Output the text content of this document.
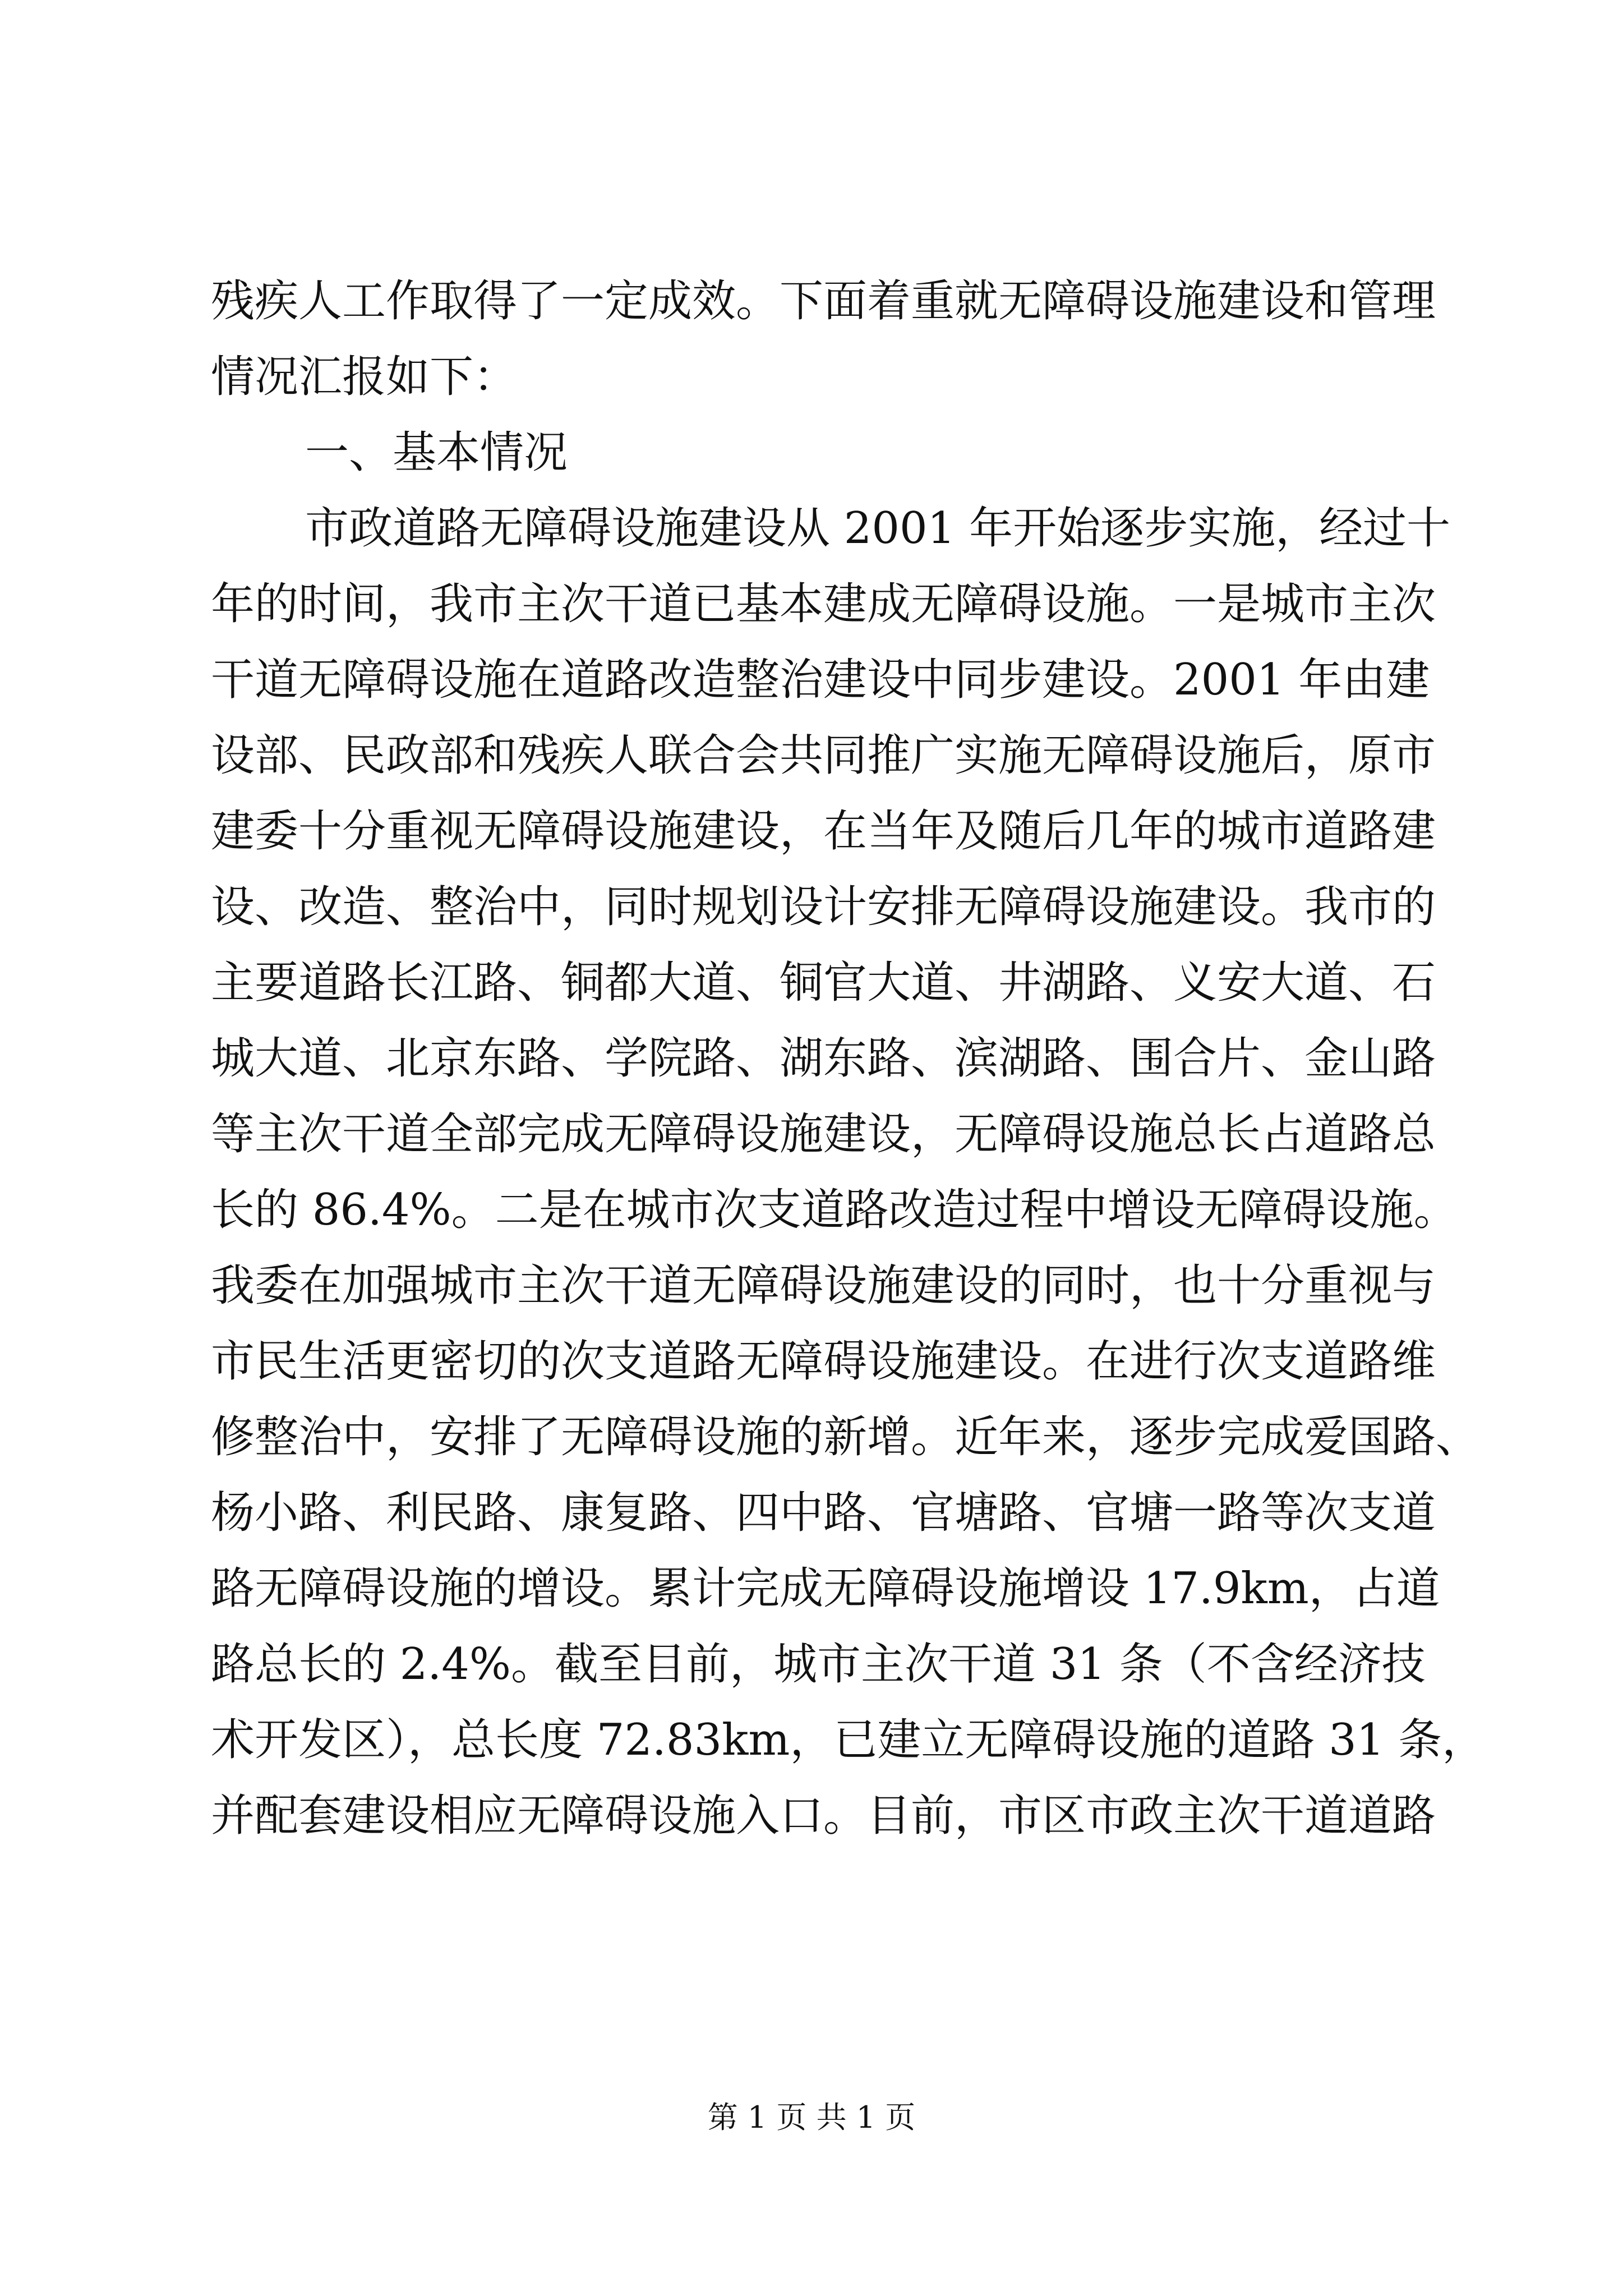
残疾人工作取得了一定成效。下面着重就无障碍设施建设和管理
情况汇报如下：
一、基本情况
市政道路无障碍设施建设从 2001 年开始逐步实施，经过十
年的时间，我市主次干道已基本建成无障碍设施。一是城市主次
干道无障碍设施在道路改造整治建设中同步建设。2001 年由建
设部、民政部和残疾人联合会共同推广实施无障碍设施后，原市
建委十分重视无障碍设施建设，在当年及随后几年的城市道路建
设、改造、整治中，同时规划设计安排无障碍设施建设。我市的
主要道路长江路、铜都大道、铜官大道、井湖路、义安大道、石
城大道、北京东路、学院路、湖东路、滨湖路、围合片、金山路
等主次干道全部完成无障碍设施建设，无障碍设施总长占道路总
长的 86.4%。二是在城市次支道路改造过程中增设无障碍设施。
我委在加强城市主次干道无障碍设施建设的同时，也十分重视与
市民生活更密切的次支道路无障碍设施建设。在进行次支道路维
修整治中，安排了无障碍设施的新增。近年来，逐步完成爱国路、
杨小路、利民路、康复路、四中路、官塘路、官塘一路等次支道
路无障碍设施的增设。累计完成无障碍设施增设 17.9km，占道
路总长的 2.4%。截至目前，城市主次干道 31 条（不含经济技
术开发区），总长度 72.83km，已建立无障碍设施的道路 31 条，
并配套建设相应无障碍设施入口。目前，市区市政主次干道道路
第 1 页 共 1 页
